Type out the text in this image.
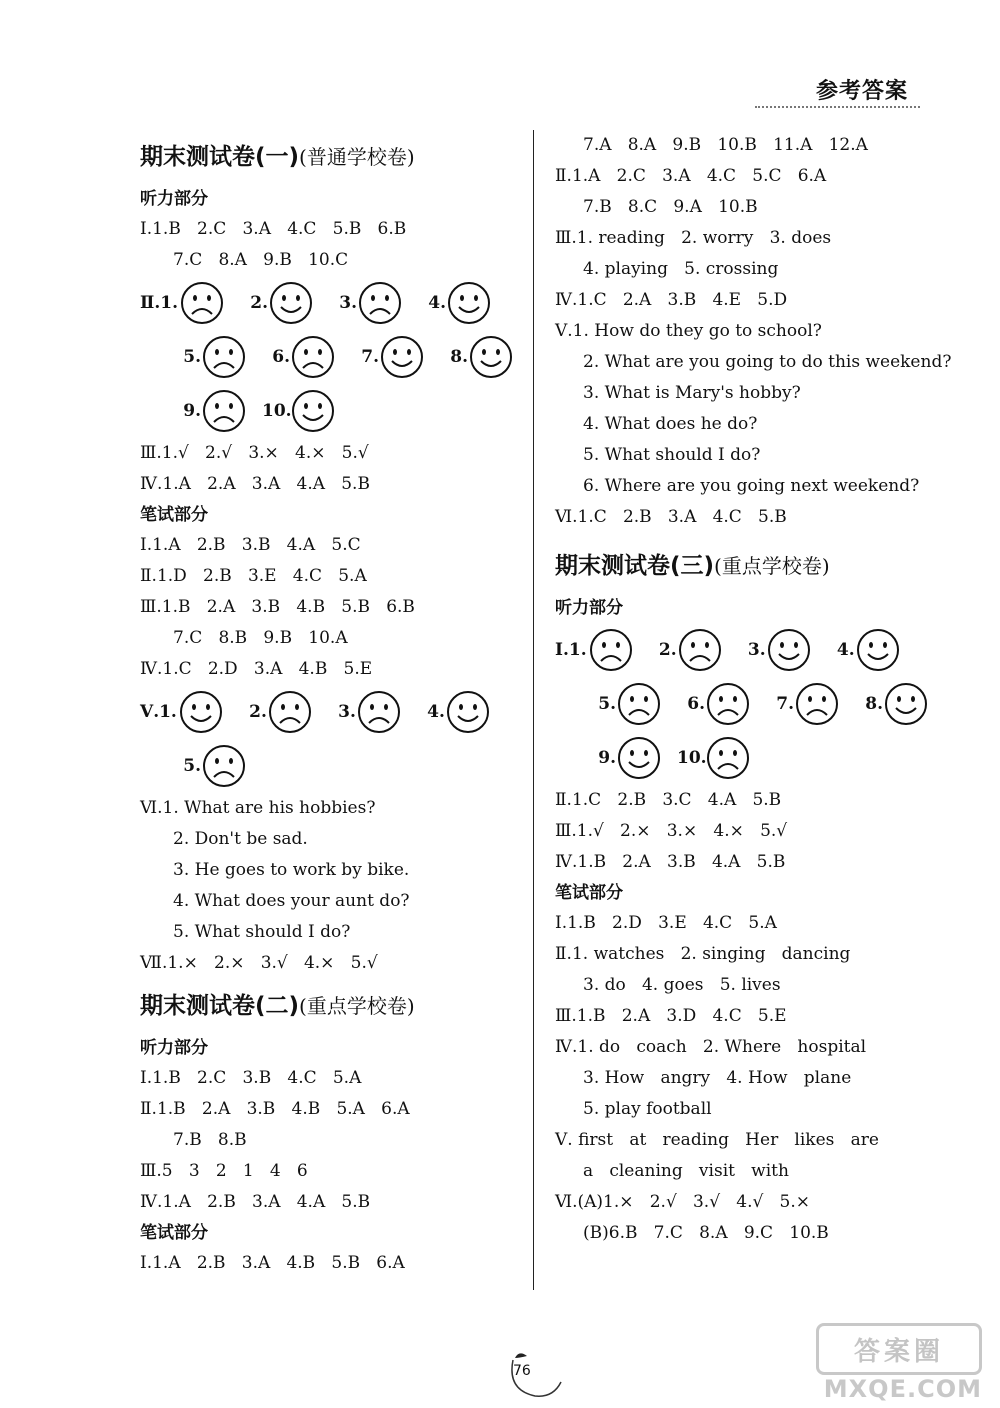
参考答案
期末测试卷(一)(普通学校卷)
听力部分
Ⅰ.1.B   2.C   3.A   4.C   5.B   6.B
7.C   8.A   9.B   10.C
Ⅱ.1.	2.	3.	4.
5.	6.	7.	8.
9.	10.
Ⅲ.1.√   2.√   3.×   4.×   5.√
Ⅳ.1.A   2.A   3.A   4.A   5.B
笔试部分
Ⅰ.1.A   2.B   3.B   4.A   5.C
Ⅱ.1.D   2.B   3.E   4.C   5.A
Ⅲ.1.B   2.A   3.B   4.B   5.B   6.B
7.C   8.B   9.B   10.A
Ⅳ.1.C   2.D   3.A   4.B   5.E
Ⅴ.1.	2.	3.	4.
5.
Ⅵ.1. What are his hobbies?
2. Don't be sad.
3. He goes to work by bike.
4. What does your aunt do?
5. What should I do?
Ⅶ.1.×   2.×   3.√   4.×   5.√
期末测试卷(二)(重点学校卷)
听力部分
Ⅰ.1.B   2.C   3.B   4.C   5.A
Ⅱ.1.B   2.A   3.B   4.B   5.A   6.A
7.B   8.B
Ⅲ.5   3   2   1   4   6
Ⅳ.1.A   2.B   3.A   4.A   5.B
笔试部分
Ⅰ.1.A   2.B   3.A   4.B   5.B   6.A
7.A   8.A   9.B   10.B   11.A   12.A
Ⅱ.1.A   2.C   3.A   4.C   5.C   6.A
7.B   8.C   9.A   10.B
Ⅲ.1. reading   2. worry   3. does
4. playing   5. crossing
Ⅳ.1.C   2.A   3.B   4.E   5.D
Ⅴ.1. How do they go to school?
2. What are you going to do this weekend?
3. What is Mary's hobby?
4. What does he do?
5. What should I do?
6. Where are you going next weekend?
Ⅵ.1.C   2.B   3.A   4.C   5.B
期末测试卷(三)(重点学校卷)
听力部分
Ⅰ.1.	2.	3.	4.
5.	6.	7.	8.
9.	10.
Ⅱ.1.C   2.B   3.C   4.A   5.B
Ⅲ.1.√   2.×   3.×   4.×   5.√
Ⅳ.1.B   2.A   3.B   4.A   5.B
笔试部分
Ⅰ.1.B   2.D   3.E   4.C   5.A
Ⅱ.1. watches   2. singing   dancing
3. do   4. goes   5. lives
Ⅲ.1.B   2.A   3.D   4.C   5.E
Ⅳ.1. do   coach   2. Where   hospital
3. How   angry   4. How   plane
5. play football
Ⅴ. first   at   reading   Her   likes   are
a   cleaning   visit   with
Ⅵ.(A)1.×   2.√   3.√   4.√   5.×
(B)6.B   7.C   8.A   9.C   10.B
76
答案圈
MXQE.COM
